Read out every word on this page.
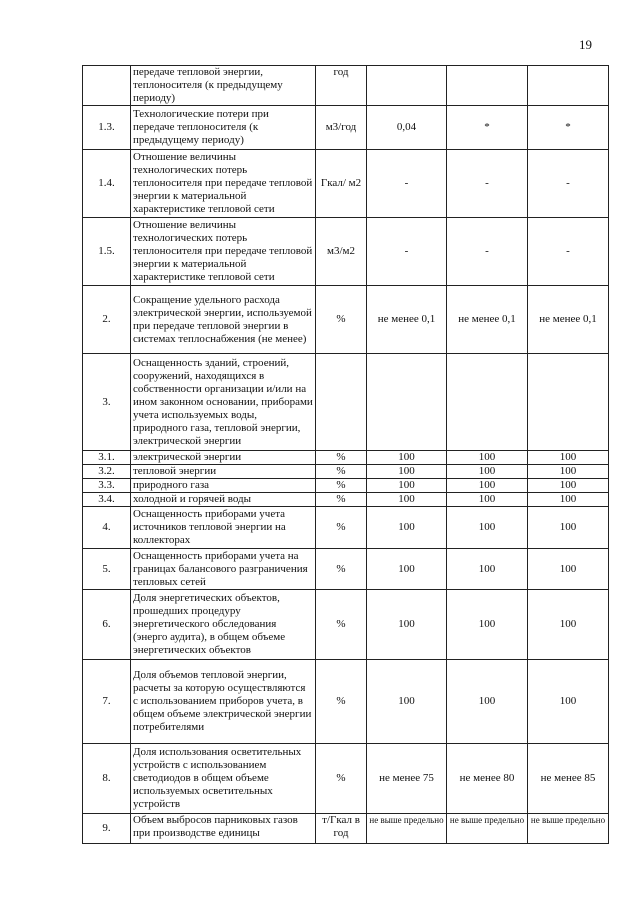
19
	передаче тепловой энергии, теплоносителя (к предыдущему периоду)	год			
1.3.	Технологические потери при передаче теплоносителя (к предыдущему периоду)	м3/год	0,04	*	*
1.4.	Отношение величины технологических потерь теплоносителя при передаче тепловой энергии к материальной характеристике тепловой сети	Гкал/ м2	-	-	-
1.5.	Отношение величины технологических потерь теплоносителя при передаче тепловой энергии к материальной характеристике тепловой сети	м3/м2	-	-	-
2.	Сокращение удельного расхода электрической энергии, используемой при передаче тепловой энергии в системах теплоснабжения (не менее)	%	не менее 0,1	не менее 0,1	не менее 0,1
3.	Оснащенность зданий, строений, сооружений, находящихся в собственности организации и/или на ином законном основании, приборами учета используемых воды, природного газа, тепловой энергии, электрической энергии				
3.1.	электрической энергии	%	100	100	100
3.2.	тепловой энергии	%	100	100	100
3.3.	природного газа	%	100	100	100
3.4.	холодной и горячей воды	%	100	100	100
4.	Оснащенность приборами учета источников тепловой энергии на коллекторах	%	100	100	100
5.	Оснащенность приборами учета на границах балансового разграничения тепловых сетей	%	100	100	100
6.	Доля энергетических объектов, прошедших процедуру энергетического обследования (энерго аудита), в общем объеме энергетических объектов	%	100	100	100
7.	Доля объемов тепловой энергии, расчеты за которую осуществляются с использованием приборов учета, в общем объеме электрической энергии потребителями	%	100	100	100
8.	Доля использования осветительных устройств с использованием светодиодов в общем объеме используемых осветительных устройств	%	не менее 75	не менее 80	не менее 85
9.	Объем выбросов парниковых газов при производстве единицы	т/Гкал в год	не выше предельно	не выше предельно	не выше предельно
